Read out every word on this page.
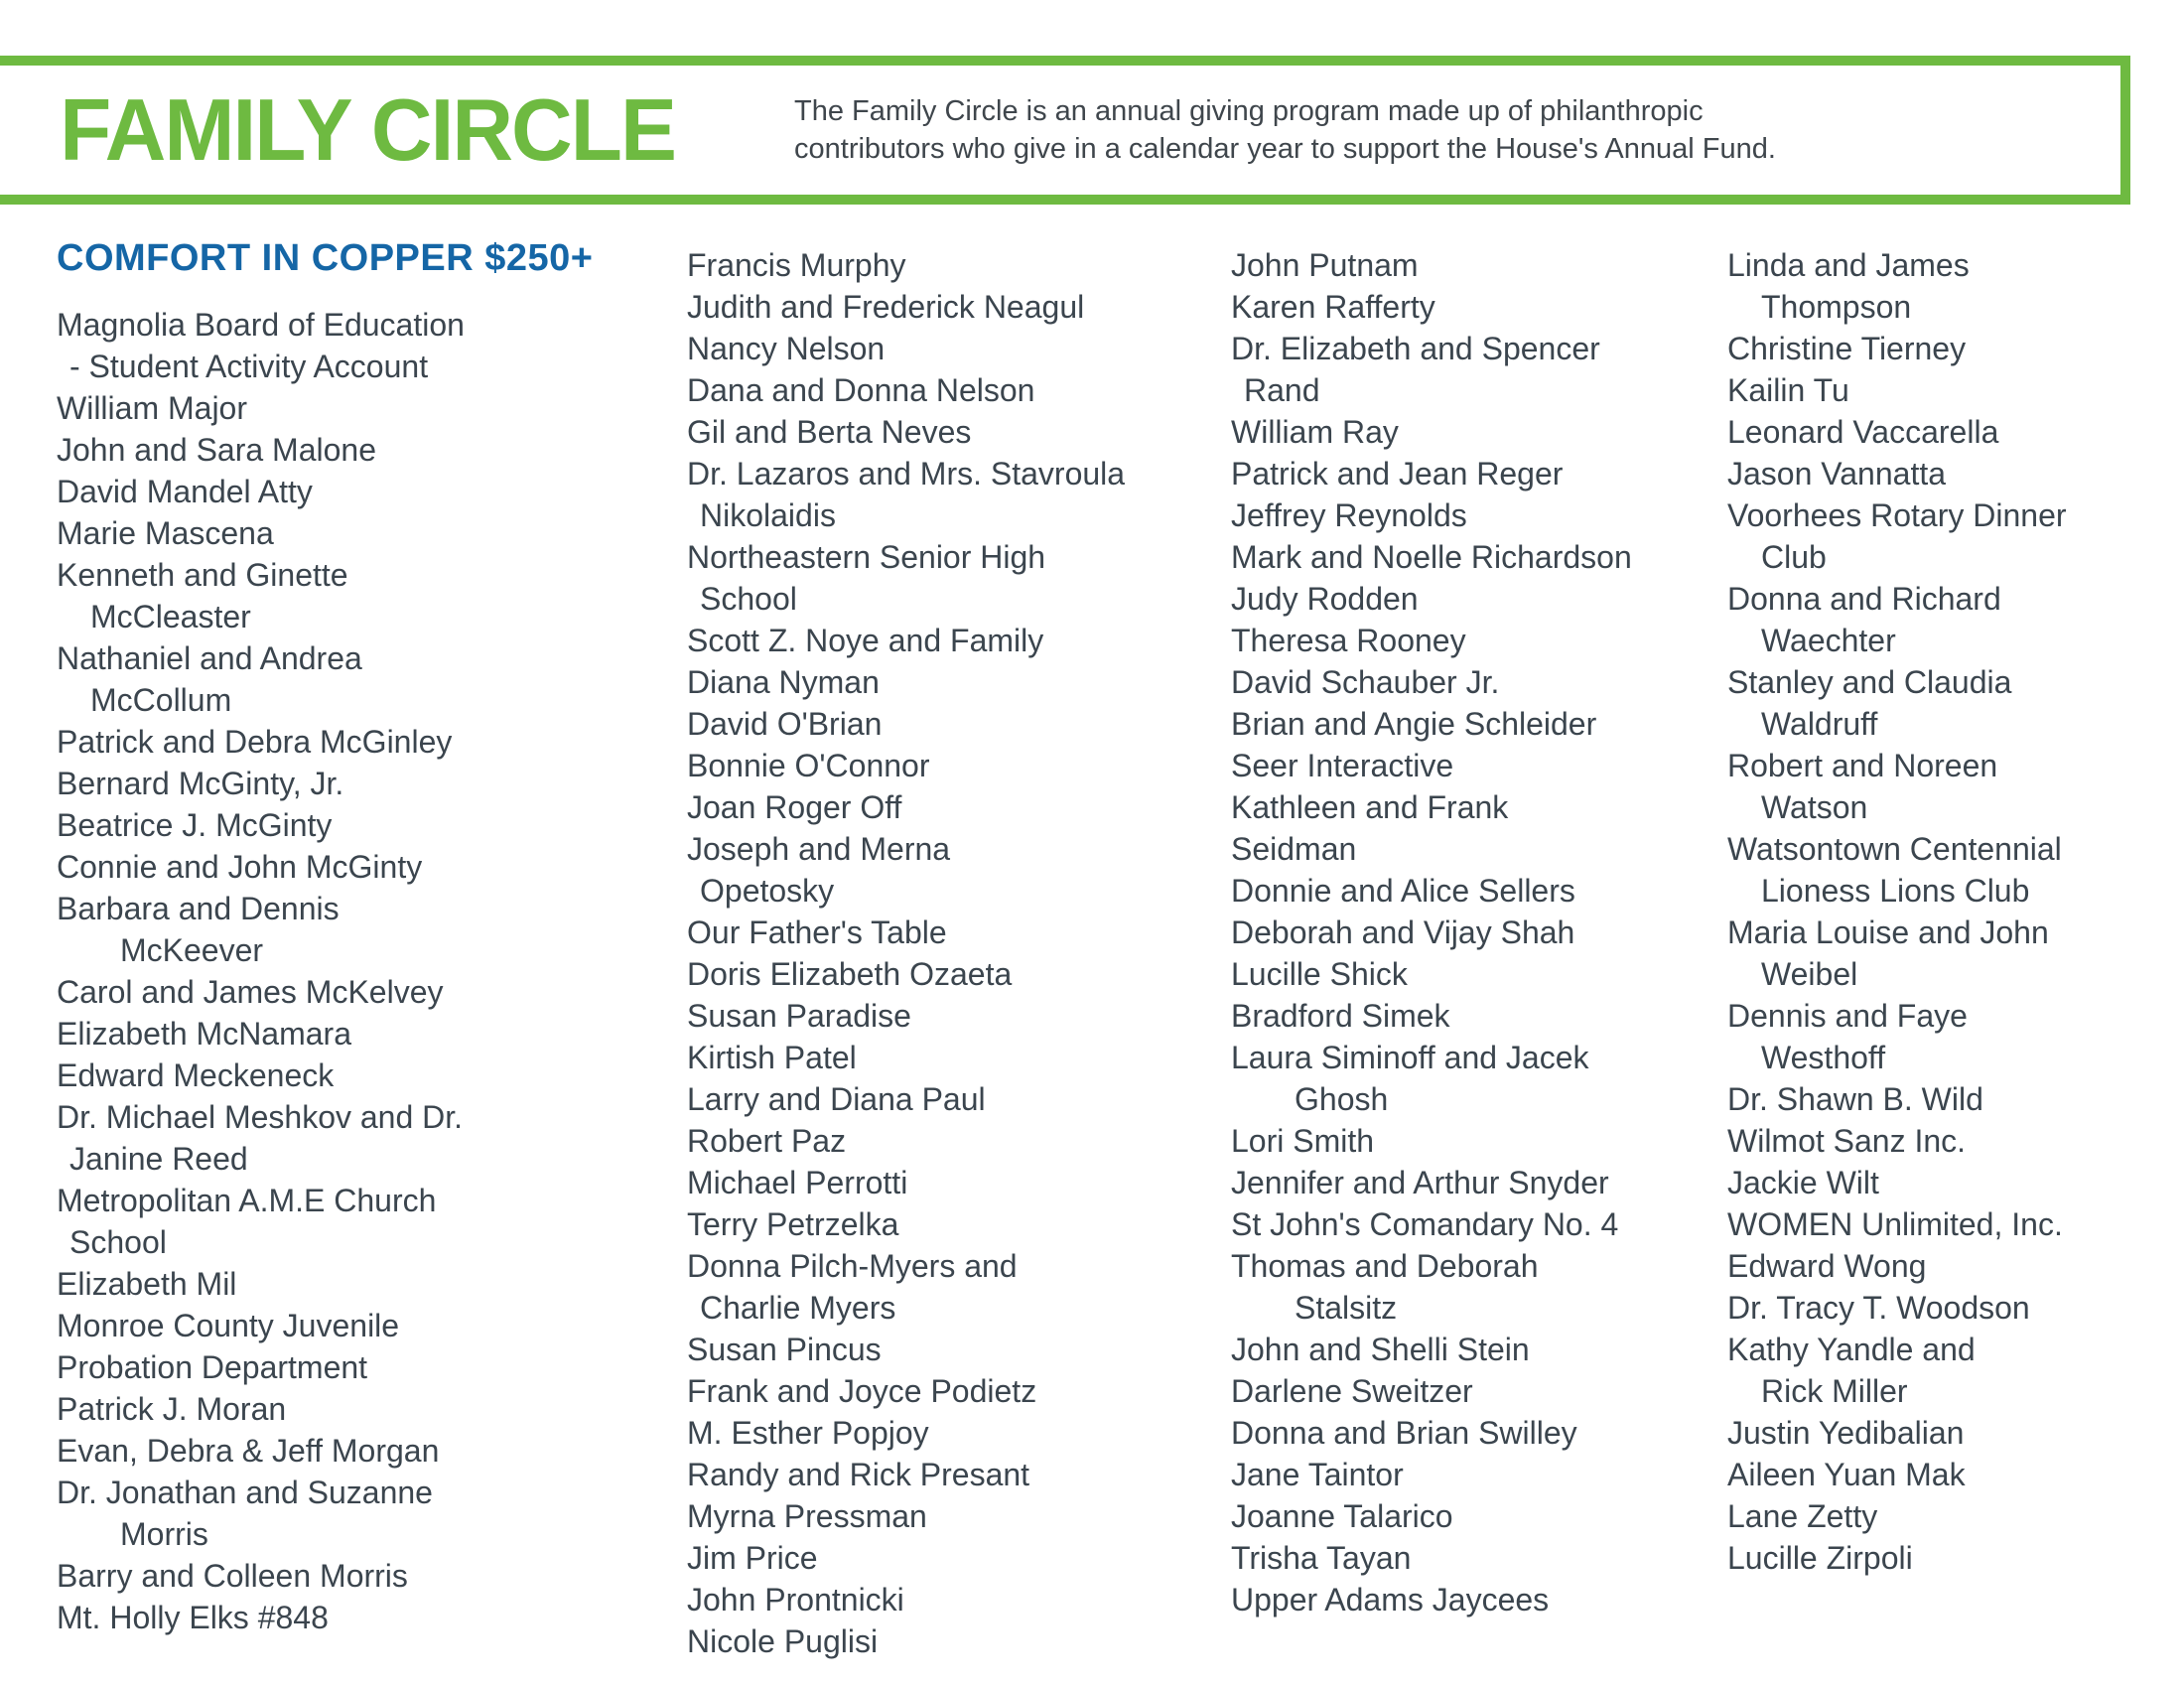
FAMILY CIRCLE	The Family Circle is an annual giving program made up of philanthropic
contributors who give in a calendar year to support the House's Annual Fund.
COMFORT IN COPPER $250+
Magnolia Board of Education
- Student Activity Account
William Major
John and Sara Malone
David Mandel Atty
Marie Mascena
Kenneth and Ginette
McCleaster
Nathaniel and Andrea
McCollum
Patrick and Debra McGinley
Bernard McGinty, Jr.
Beatrice J. McGinty
Connie and John McGinty
Barbara and Dennis
McKeever
Carol and James McKelvey
Elizabeth McNamara
Edward Meckeneck
Dr. Michael Meshkov and Dr.
Janine Reed
Metropolitan A.M.E Church
School
Elizabeth Mil
Monroe County Juvenile
Probation Department
Patrick J. Moran
Evan, Debra & Jeff Morgan
Dr. Jonathan and Suzanne
Morris
Barry and Colleen Morris
Mt. Holly Elks #848
Francis Murphy
Judith and Frederick Neagul
Nancy Nelson
Dana and Donna Nelson
Gil and Berta Neves
Dr. Lazaros and Mrs. Stavroula
Nikolaidis
Northeastern Senior High
School
Scott Z. Noye and Family
Diana Nyman
David O'Brian
Bonnie O'Connor
Joan Roger Off
Joseph and Merna
Opetosky
Our Father's Table
Doris Elizabeth Ozaeta
Susan Paradise
Kirtish Patel
Larry and Diana Paul
Robert Paz
Michael Perrotti
Terry Petrzelka
Donna Pilch-Myers and
Charlie Myers
Susan Pincus
Frank and Joyce Podietz
M. Esther Popjoy
Randy and Rick Presant
Myrna Pressman
Jim Price
John Prontnicki
Nicole Puglisi
John Putnam
Karen Rafferty
Dr. Elizabeth and Spencer
Rand
William Ray
Patrick and Jean Reger
Jeffrey Reynolds
Mark and Noelle Richardson
Judy Rodden
Theresa Rooney
David Schauber Jr.
Brian and Angie Schleider
Seer Interactive
Kathleen and Frank
Seidman
Donnie and Alice Sellers
Deborah and Vijay Shah
Lucille Shick
Bradford Simek
Laura Siminoff and Jacek
Ghosh
Lori Smith
Jennifer and Arthur Snyder
St John's Comandary No. 4
Thomas and Deborah
Stalsitz
John and Shelli Stein
Darlene Sweitzer
Donna and Brian Swilley
Jane Taintor
Joanne Talarico
Trisha Tayan
Upper Adams Jaycees
Linda and James
Thompson
Christine Tierney
Kailin Tu
Leonard Vaccarella
Jason Vannatta
Voorhees Rotary Dinner
Club
Donna and Richard
Waechter
Stanley and Claudia
Waldruff
Robert and Noreen
Watson
Watsontown Centennial
Lioness Lions Club
Maria Louise and John
Weibel
Dennis and Faye
Westhoff
Dr. Shawn B. Wild
Wilmot Sanz Inc.
Jackie Wilt
WOMEN Unlimited, Inc.
Edward Wong
Dr. Tracy T. Woodson
Kathy Yandle and
Rick Miller
Justin Yedibalian
Aileen Yuan Mak
Lane Zetty
Lucille Zirpoli
